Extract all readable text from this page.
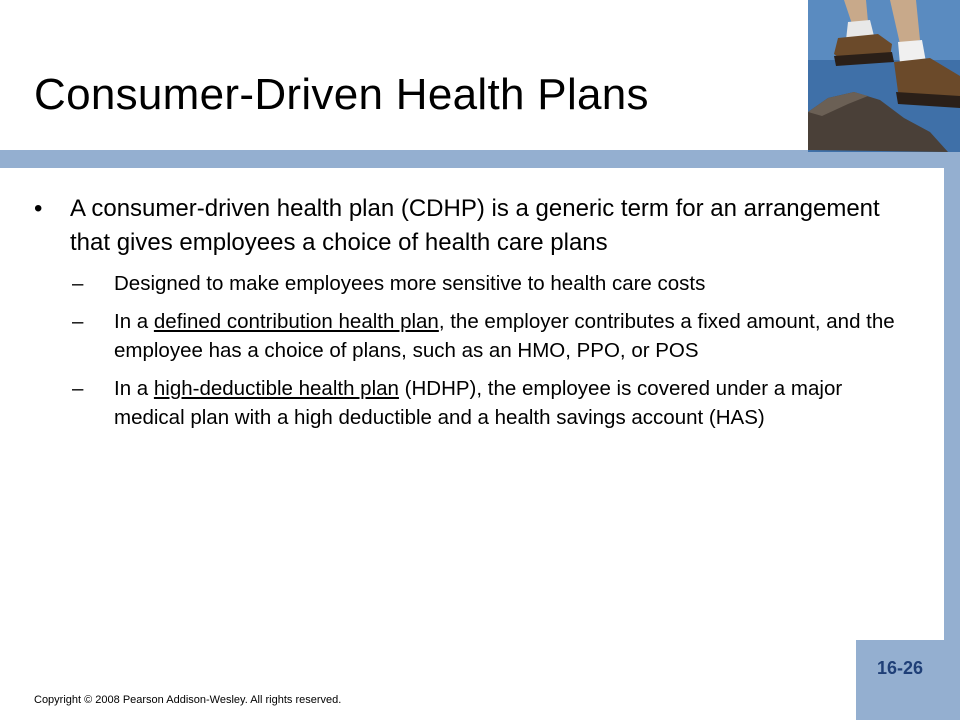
Consumer-Driven Health Plans
•	A consumer-driven health plan (CDHP) is a generic term for an arrangement that gives employees a choice of health care plans
–	Designed to make employees more sensitive to health care costs
–	In a defined contribution health plan, the employer contributes a fixed amount, and the employee has a choice of plans, such as an HMO, PPO, or POS
–	In a high-deductible health plan (HDHP), the employee is covered under a major medical plan with a high deductible and a health savings account (HAS)
Copyright © 2008 Pearson Addison-Wesley. All rights reserved.
16-26
